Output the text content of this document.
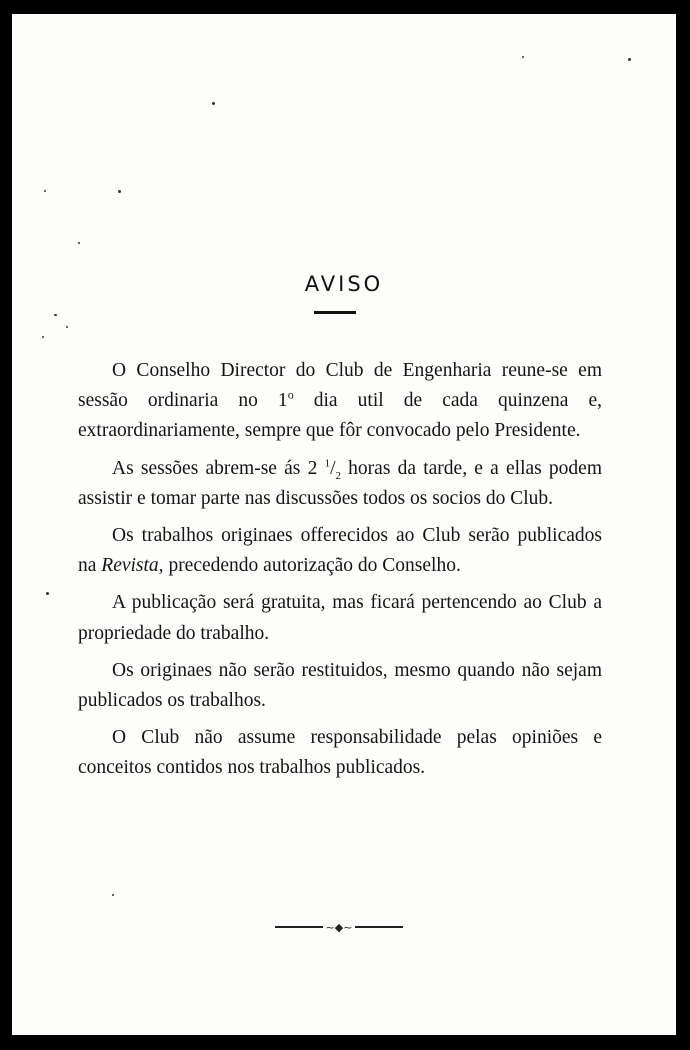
AVISO

O Conselho Director do Club de Engenharia reune-se em sessão ordinaria no 1$^o$ dia util de cada quinzena e, extraordinariamente, sempre que fôr convocado pelo Presidente.

As sessões abrem-se ás 2 $^1/_2$ horas da tarde, e a ellas podem assistir e tomar parte nas discussões todos os socios do Club.

Os trabalhos originaes offerecidos ao Club serão publicados na Revista, precedendo autorização do Conselho.

A publicação será gratuita, mas ficará pertencendo ao Club a propriedade do trabalho.

Os originaes não serão restituidos, mesmo quando não sejam publicados os trabalhos.

O Club não assume responsabilidade pelas opiniões e conceitos contidos nos trabalhos publicados.

~◆~
